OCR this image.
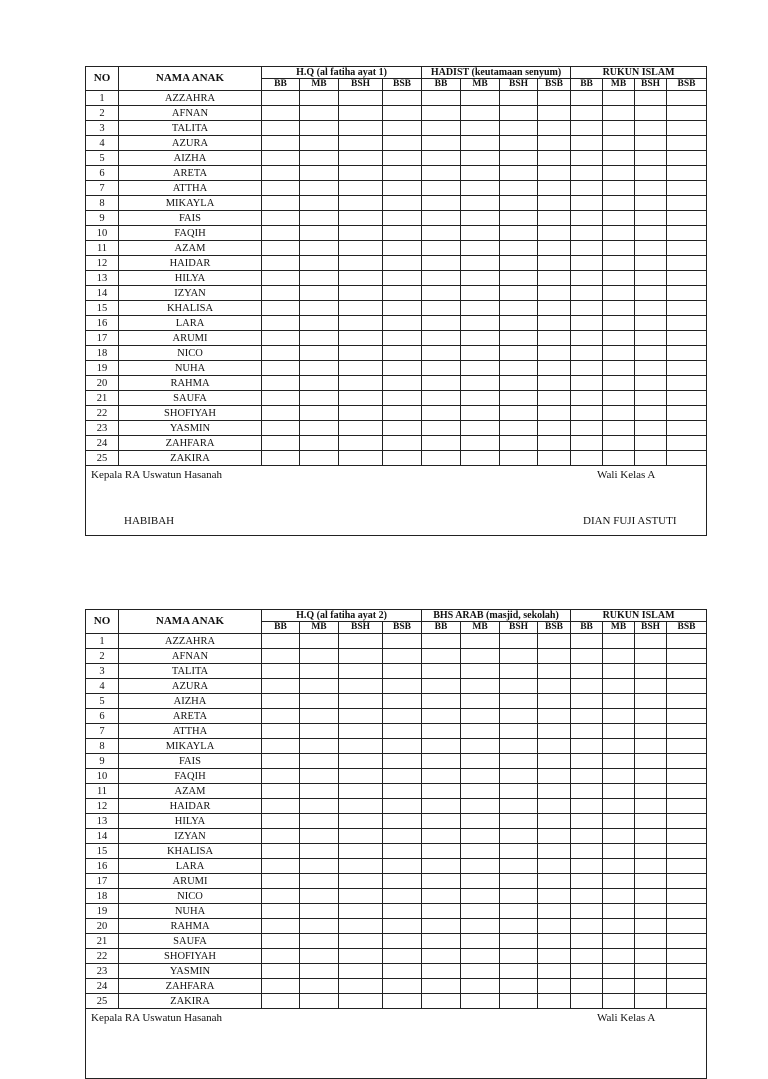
NO	NAMA ANAK	H.Q (al fatiha ayat 1)				HADIST (keutamaan senyum)				RUKUN ISLAM			
		BB	MB	BSH	BSB	BB	MB	BSH	BSB	BB	MB	BSH	BSB
1	AZZAHRA												
2	AFNAN												
3	TALITA												
4	AZURA												
5	AIZHA												
6	ARETA												
7	ATTHA												
8	MIKAYLA												
9	FAIS												
10	FAQIH												
11	AZAM												
12	HAIDAR												
13	HILYA												
14	IZYAN												
15	KHALISA												
16	LARA												
17	ARUMI												
18	NICO												
19	NUHA												
20	RAHMA												
21	SAUFA												
22	SHOFIYAH												
23	YASMIN												
24	ZAHFARA												
25	ZAKIRA												
Kepala RA Uswatun Hasanah	Wali Kelas A
HABIBAH	DIAN FUJI ASTUTI
NO	NAMA ANAK	H.Q (al fatiha ayat 2)				BHS ARAB (masjid, sekolah)				RUKUN ISLAM			
		BB	MB	BSH	BSB	BB	MB	BSH	BSB	BB	MB	BSH	BSB
1	AZZAHRA												
2	AFNAN												
3	TALITA												
4	AZURA												
5	AIZHA												
6	ARETA												
7	ATTHA												
8	MIKAYLA												
9	FAIS												
10	FAQIH												
11	AZAM												
12	HAIDAR												
13	HILYA												
14	IZYAN												
15	KHALISA												
16	LARA												
17	ARUMI												
18	NICO												
19	NUHA												
20	RAHMA												
21	SAUFA												
22	SHOFIYAH												
23	YASMIN												
24	ZAHFARA												
25	ZAKIRA												
Kepala RA Uswatun Hasanah	Wali Kelas A
